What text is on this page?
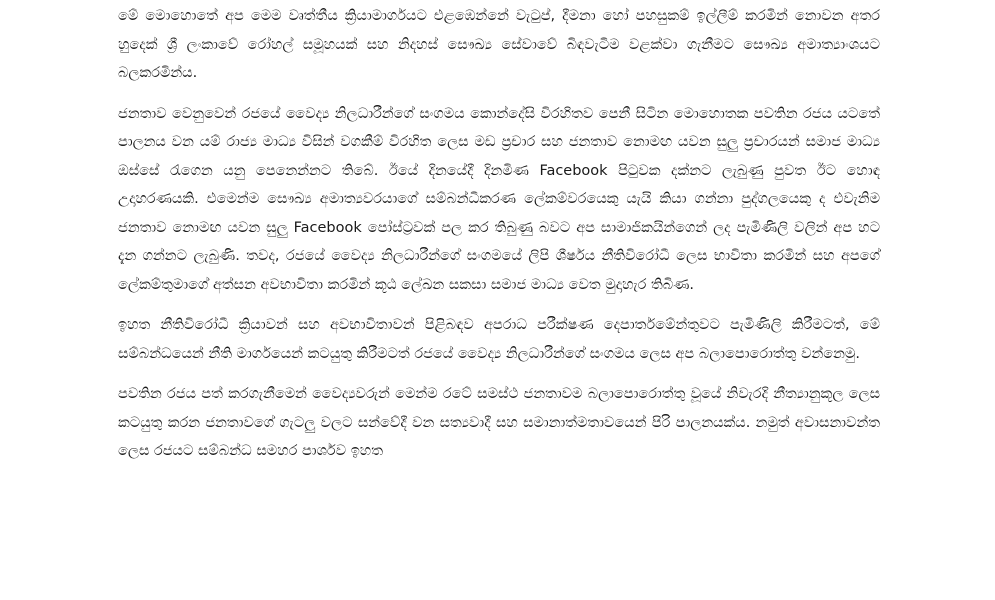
මේ මොහොතේ අප මෙම වෘත්තීය ක්‍රියාමාර්ගයට එළඹෙන්නේ වැටුප්, දීමනා හෝ පහසුකම් ඉල්ලීම් කරමින් නොවන අතර හුදෙක් ශ්‍රී ලංකාවේ රෝහල් සමූහයක් සහ නිදහස් සෞඛ්‍ය සේවාවේ බිඳවැටීම වළක්වා ගැනීමට සෞඛ්‍ය අමාත්‍යාංශයට බලකරමින්ය.

ජනතාව වෙනුවෙන් රජයේ වෛද්‍ය නිලධාරීන්ගේ සංගමය කොන්දේසි විරහිතව පෙනී සිටින මොහොතක පවතින රජය යටතේ පාලනය වන යම් රාජ්‍ය මාධ්‍ය විසින් වගකීම් විරහිත ලෙස මඩ ප්‍රචාර සහ ජනතාව නොමඟ යවන සුලු ප්‍රචාරයන් සමාජ මාධ්‍ය ඔස්සේ රැගෙන යනු පෙනෙන්නට තිබේ. ඊයේ දිනයේදී දිනමිණ Facebook පිටුවක දක්නට ලැබුණු පුවත ඊට හොඳ උදාහරණයකි. එමෙන්ම සෞඛ්‍ය අමාත්‍යවරයාගේ සම්බන්ධීකරණ ලේකම්වරයෙකු යැයි කියා ගන්නා පුද්ගලයෙකු ද එවැනිම ජනතාව නොමඟ යවන සුලු Facebook පෝස්ට්‍රවක් පල කර තිබුණු බවට අප සාමාජිකයින්ගෙන් ලද පැමිණිලි වලින් අප හට දැන ගන්නට ලැබුණි. තවද, රජයේ වෛද්‍ය නිලධාරීන්ගේ සංගමයේ ලිපි ශීර්ෂය නීතිවිරෝධී ලෙස භාවිතා කරමින් සහ අපගේ ලේකම්තුමාගේ අත්සන අවභාවිතා කරමින් කූඨ ලේඛන සකසා සමාජ මාධ්‍ය වෙත මුදාහැර තිබිණ.

ඉහත නීතිවිරෝධී ක්‍රියාවන් සහ අවභාවිතාවන් පිළිබඳව අපරාධ පරීක්ෂණ දෙපාර්තමේන්තුවට පැමිණිලි කිරීමටත්, මේ සම්බන්ධයෙන් නීති මාර්ගයෙන් කටයුතු කිරීමටත් රජයේ වෛද්‍ය නිලධාරීන්ගේ සංගමය ලෙස අප බලාපොරොත්තු වන්නෙමු.

පවතින රජය පත් කරගැනීමෙන් වෛද්‍යවරුන් මෙන්ම රටේ සමස්ථ ජනතාවම බලාපොරොත්තු වූයේ නිවැරදි නීත්‍යානුකූල ලෙස කටයුතු කරන ජනතාවගේ ගැටලු වලට සන්වේදී වන සත්‍යවාදී සහ සමානාත්මතාවයෙන් පිරි පාලනයක්ය. නමුත් අවාසනාවන්ත ලෙස රජයට සම්බන්ධ සමහර පාර්ශව ඉහත
